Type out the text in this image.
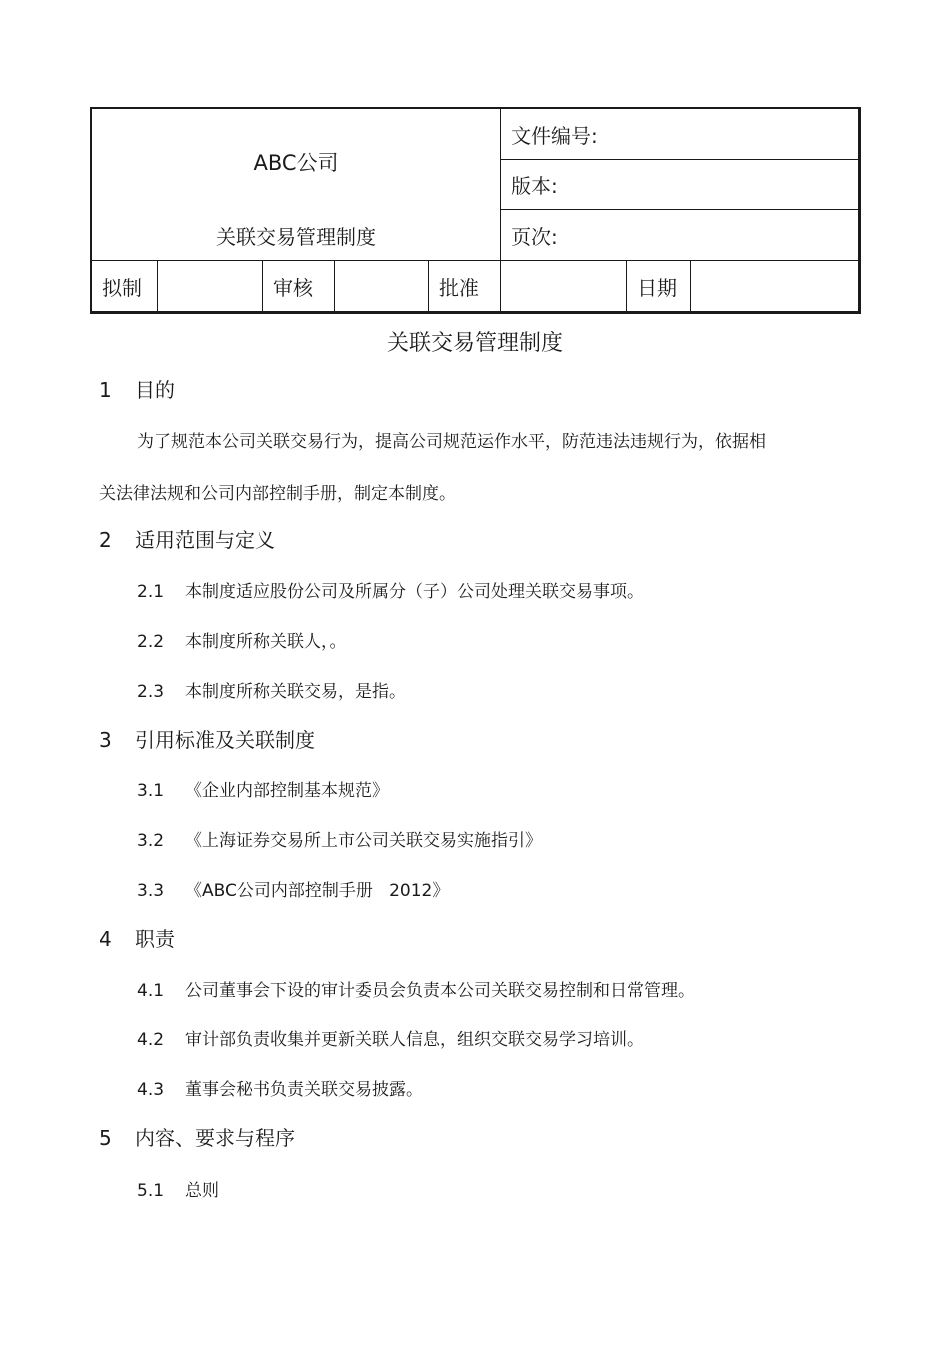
ABC公司
关联交易管理制度					文件编号:		
					版本:		
					页次:		
拟制		审核		批准		日期	
关联交易管理制度
1 目的
为了规范本公司关联交易行为，提高公司规范运作水平，防范违法违规行为，依据相
关法律法规和公司内部控制手册，制定本制度。
2 适用范围与定义
2.1 本制度适应股份公司及所属分（子）公司处理关联交易事项。
2.2 本制度所称关联人，。
2.3 本制度所称关联交易，是指。
3 引用标准及关联制度
3.1 《企业内部控制基本规范》
3.2 《上海证券交易所上市公司关联交易实施指引》
3.3 《ABC公司内部控制手册   2012》
4 职责
4.1 公司董事会下设的审计委员会负责本公司关联交易控制和日常管理。
4.2 审计部负责收集并更新关联人信息，组织交联交易学习培训。
4.3 董事会秘书负责关联交易披露。
5 内容、要求与程序
5.1 总则
